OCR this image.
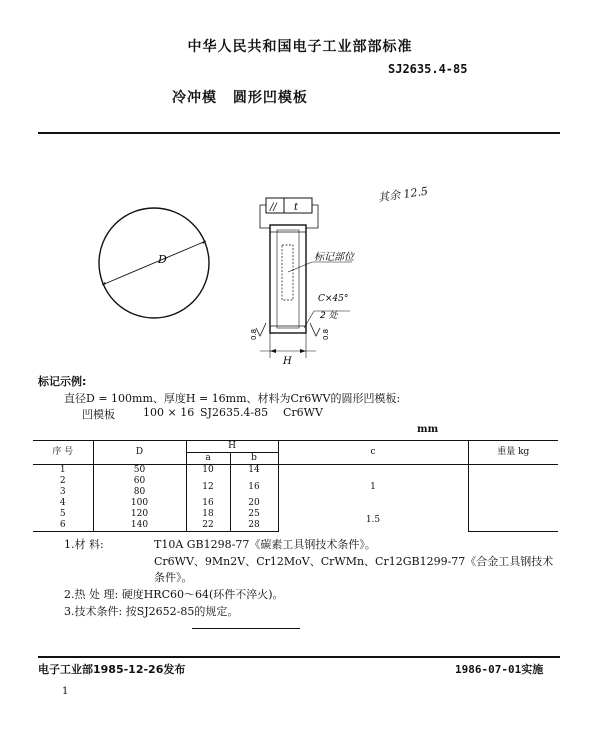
中华人民共和国电子工业部部标准
SJ2635.4-85
冷冲模 圆形凹模板
D
// t
标记部位
C×45°
2 处
H
0.8	0.8
其余 12.5
标记示例:
直径D = 100mm、厚度H = 16mm、材料为Cr6WV的圆形凹模板:
凹模板	100 × 16 SJ2635.4-85 Cr6WV
mm
序 号	D	H		c	重量 kg
		a	b		
1	50	10	14	1	
2	60	12	16		
3	80				
4	100	16	20		
5	120	18	25	1.5	
6	140	22	28		
1.材 料:	T10A GB1298-77《碳素工具钢技术条件》。
Cr6WV、9Mn2V、Cr12MoV、CrWMn、Cr12GB1299-77《合金工具钢技术
条件》。
2.热 处 理: 硬度HRC60～64(环件不淬火)。
3.技术条件: 按SJ2652-85的规定。
电子工业部1985-12-26发布	1986-07-01实施
1
